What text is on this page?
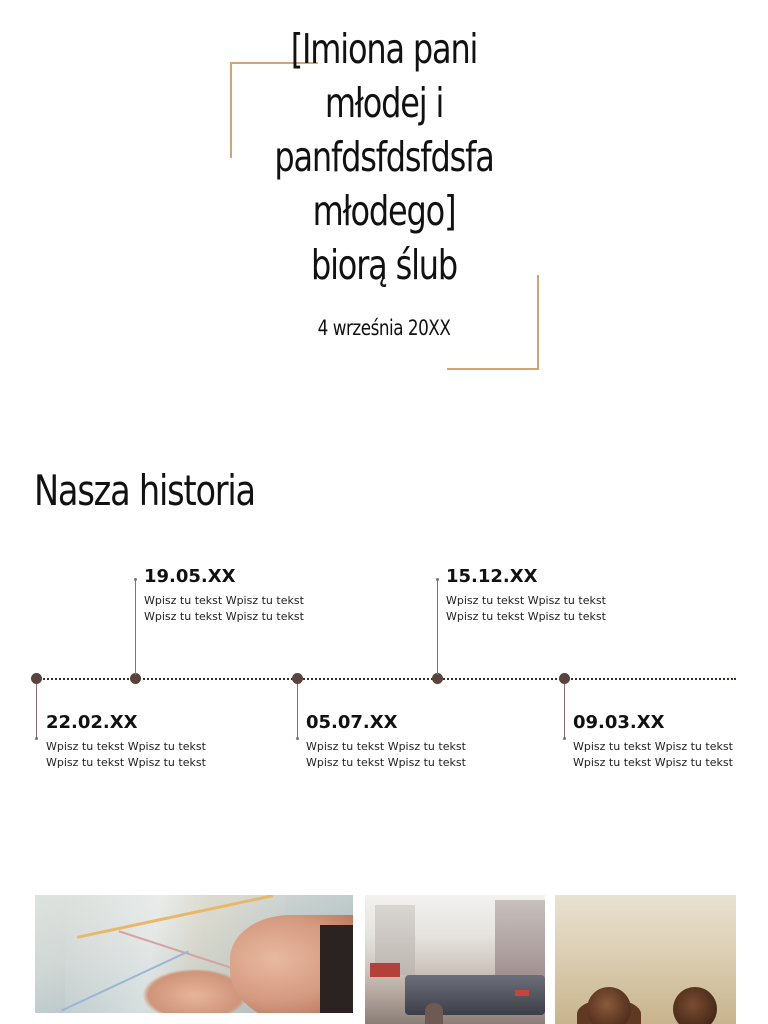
[Imiona pani
młodej i
panfdsfdsfdsfa
młodego]
biorą ślub
4 września 20XX
Nasza historia
19.05.XX
Wpisz tu tekst Wpisz tu tekst Wpisz tu tekst Wpisz tu tekst
15.12.XX
Wpisz tu tekst Wpisz tu tekst Wpisz tu tekst Wpisz tu tekst
22.02.XX
Wpisz tu tekst Wpisz tu tekst Wpisz tu tekst Wpisz tu tekst
05.07.XX
Wpisz tu tekst Wpisz tu tekst Wpisz tu tekst Wpisz tu tekst
09.03.XX
Wpisz tu tekst Wpisz tu tekst Wpisz tu tekst Wpisz tu tekst
